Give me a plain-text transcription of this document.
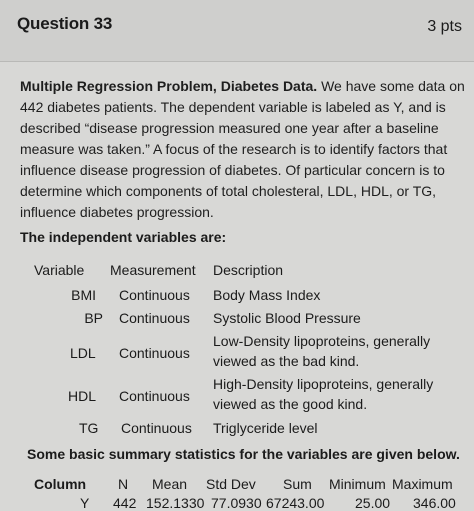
Question 33	3 pts

Multiple Regression Problem, Diabetes Data. We have some data on 442 diabetes patients. The dependent variable is labeled as Y, and is described “disease progression measured one year after a baseline measure was taken.” A focus of the research is to identify factors that influence disease progression of diabetes. Of particular concern is to determine which components of total cholesteral, LDL, HDL, or TG, influence diabetes progression.

The independent variables are:
Variable Measurement Description
BMI Continuous Body Mass Index
BP Continuous Systolic Blood Pressure
LDL Continuous
Low-Density lipoproteins, generally
viewed as the bad kind.
HDL Continuous
High-Density lipoproteins, generally
viewed as the good kind.
TG Continuous Triglyceride level
Some basic summary statistics for the variables are given below.
Column N Mean Std Dev Sum Minimum Maximum
Y 442 152.1330 77.0930 67243.00 25.00 346.00
